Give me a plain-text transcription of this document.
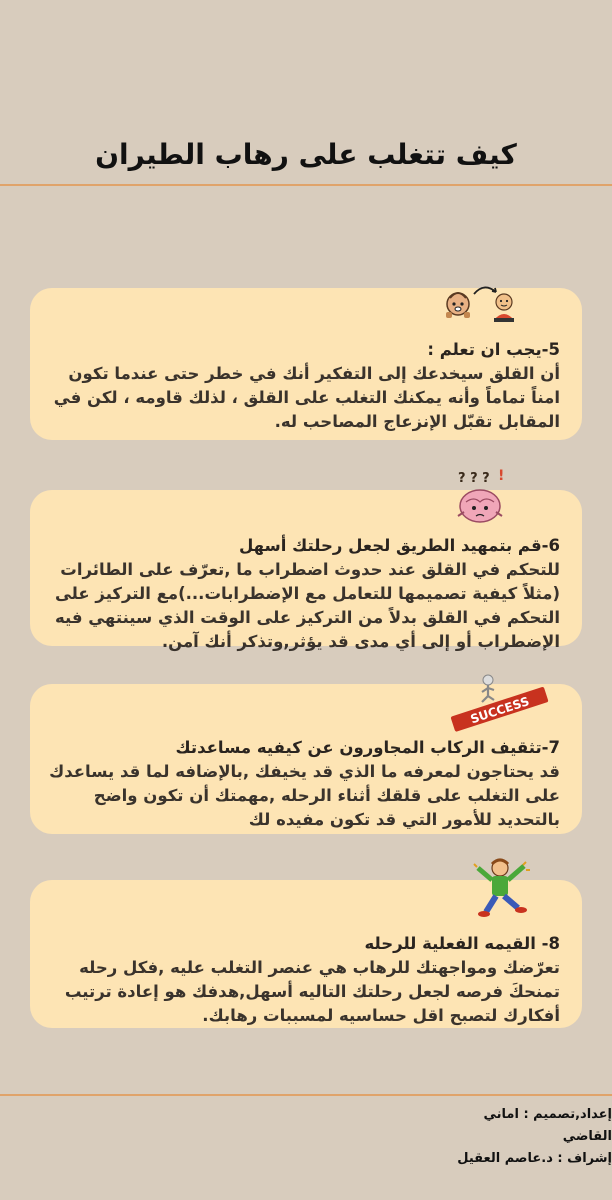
كيف تتغلب على رهاب الطيران
5-يجب ان تعلم :
أن القلق سيخدعك إلى التفكير أنك في خطر حتى عندما تكون امناً تماماً وأنه يمكنك التغلب على القلق ، لذلك قاومه ، لكن في المقابل تقبّل الإنزعاج المصاحب له.
? ? ? !
6-قم بتمهيد الطريق لجعل رحلتك أسهل
للتحكم في القلق عند حدوث اضطراب ما ,تعرّف على الطائرات (مثلاً كيفية تصميمها للتعامل مع الإضطرابات...)مع التركيز على التحكم في القلق بدلاً من التركيز على الوقت الذي سينتهي فيه الإضطراب أو إلى أي مدى قد يؤثر,وتذكر أنك آمن.
SUCCESS
7-تثقيف الركاب المجاورون عن كيفيه مساعدتك
قد يحتاجون لمعرفه ما الذي قد يخيفك ,بالإضافه لما قد يساعدك على التغلب على قلقك أثناء الرحله ,مهمتك أن تكون واضح بالتحديد للأمور التي قد تكون مفيده لك
8- القيمه الفعلية للرحله
تعرّضك ومواجهتك للرهاب هي عنصر التغلب عليه ,فكل رحله تمنحكَ فرصه لجعل رحلتك التاليه أسهل,هدفك هو إعادة ترتيب أفكارك لتصبح اقل حساسيه لمسببات رهابك.
إعداد,تصميم : اماني القاضي
إشراف : د.عاصم العقيل
